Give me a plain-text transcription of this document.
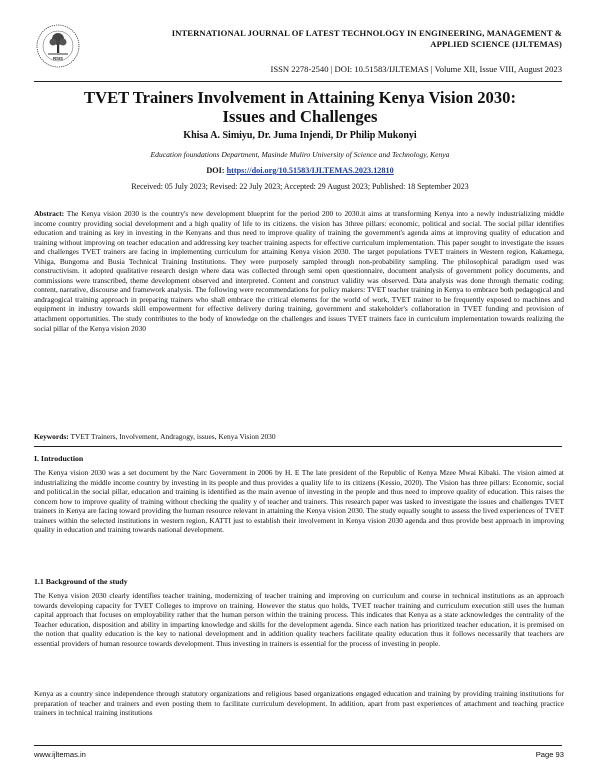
RSIS
INTERNATIONAL JOURNAL OF LATEST TECHNOLOGY IN ENGINEERING, MANAGEMENT &
APPLIED SCIENCE (IJLTEMAS)
ISSN 2278-2540 | DOI: 10.51583/IJLTEMAS | Volume XII, Issue VIII, August 2023
TVET Trainers Involvement in Attaining Kenya Vision 2030:
Issues and Challenges
Khisa A. Simiyu, Dr. Juma Injendi, Dr Philip Mukonyi
Education foundations Department, Masinde Muliro University of Science and Technology, Kenya
DOI: https://doi.org/10.51583/IJLTEMAS.2023.12810
Received: 05 July 2023; Revised: 22 July 2023; Accepted: 29 August 2023; Published: 18 September 2023
Abstract: The Kenya vision 2030 is the country's new development blueprint for the period 200 to 2030.it aims at transforming Kenya into a newly industrializing middle income country providing social development and a high quality of life to its citizens. the vision has 3three pillars: economic, political and social. The social pillar identifies education and training as key in investing in the Kenyans and thus need to improve quality of training the government's agenda aims at improving quality of education and training without improving on teacher education and addressing key teacher training aspects for effective curriculum implementation. This paper sought to investigate the issues and challenges TVET trainers are facing in implementing curriculum for attaining Kenya vision 2030. The target populations TVET trainers in Western region, Kakamega, Vihiga, Bungoma and Busia Technical Training Institutions. They were purposely sampled through non-probability sampling. The philosophical paradigm used was constructivism. it adopted qualitative research design where data was collected through semi open questionnaire, document analysis of government policy documents, and commissions were transcribed, theme development observed and interpreted. Content and construct validity was observed. Data analysis was done through thematic coding; content, narrative, discourse and framework analysis. The following were recommendations for policy makers: TVET teacher training in Kenya to embrace both pedagogical and andragogical training approach in preparing trainers who shall embrace the critical elements for the world of work, TVET trainer to be frequently exposed to machines and equipment in industry towards skill empowerment for effective delivery during training, government and stakeholder's collaboration in TVET funding and provision of attachment opportunities. The study contributes to the body of knowledge on the challenges and issues TVET trainers face in curriculum implementation towards realizing the social pillar of the Kenya vision 2030
Keywords: TVET Trainers, Involvement, Andragogy, issues, Kenya Vision 2030
I. Introduction
The Kenya vision 2030 was a set document by the Narc Government in 2006 by H. E The late president of the Republic of Kenya Mzee Mwai Kibaki. The vision aimed at industrializing the middle income country by investing in its people and thus provides a quality life to its citizens (Kessio, 2020). The Vision has three pillars: Economic, social and political.in the social pillar, education and training is identified as the main avenue of investing in the people and thus need to improve quality of education. This raises the concern how to improve quality of training without checking the quality y of teacher and trainers. This research paper was tasked to investigate the issues and challenges TVET trainers in Kenya are facing toward providing the human resource relevant in attaining the Kenya vision 2030. The study equally sought to assess the lived experiences of TVET trainers within the selected institutions in western region, KATTI just to establish their involvement in Kenya vision 2030 agenda and thus provide best approach in improving quality in education and training towards national development.
1.1 Background of the study
The Kenya vision 2030 clearly identifies teacher training, modernizing of teacher training and improving on curriculum and course in technical institutions as an approach towards developing capacity for TVET Colleges to improve on training. However the status quo holds, TVET teacher training and curriculum execution still uses the human capital approach that focuses on employability rather that the human person within the training process. This indicates that Kenya as a state acknowledges the centrality of the Teacher education, disposition and ability in imparting knowledge and skills for the development agenda. Since each nation has prioritized teacher education, it is premised on the notion that quality education is the key to national development and in addition quality teachers facilitate quality education thus it follows necessarily that teachers are essential providers of human resource towards development. Thus investing in trainers is essential for the process of investing in people.
Kenya as a country since independence through statutory organizations and religious based organizations engaged education and training by providing training institutions for preparation of teacher and trainers and even posting them to facilitate curriculum development. In addition, apart from past experiences of attachment and teaching practice trainers in technical training institutions
www.ijltemas.in	Page 93
